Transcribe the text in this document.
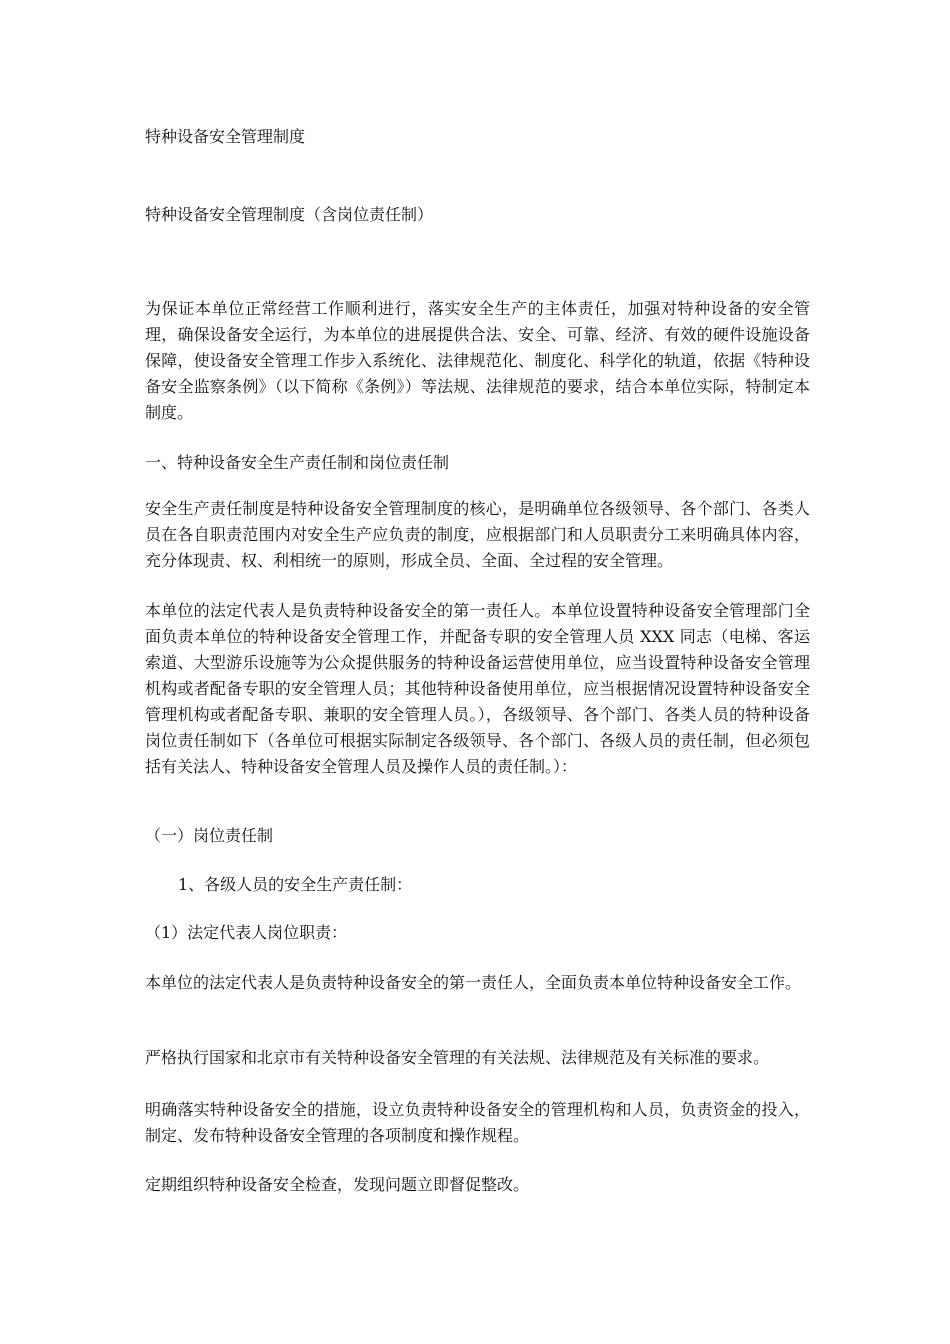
特种设备安全管理制度

特种设备安全管理制度（含岗位责任制）

为保证本单位正常经营工作顺利进行，落实安全生产的主体责任，加强对特种设备的安全管理，确保设备安全运行，为本单位的进展提供合法、安全、可靠、经济、有效的硬件设施设备保障，使设备安全管理工作步入系统化、法律规范化、制度化、科学化的轨道，依据《特种设备安全监察条例》（以下简称《条例》）等法规、法律规范的要求，结合本单位实际，特制定本制度。

一、特种设备安全生产责任制和岗位责任制

安全生产责任制度是特种设备安全管理制度的核心，是明确单位各级领导、各个部门、各类人员在各自职责范围内对安全生产应负责的制度，应根据部门和人员职责分工来明确具体内容，充分体现责、权、利相统一的原则，形成全员、全面、全过程的安全管理。

本单位的法定代表人是负责特种设备安全的第一责任人。本单位设置特种设备安全管理部门全面负责本单位的特种设备安全管理工作，并配备专职的安全管理人员 XXX 同志（电梯、客运索道、大型游乐设施等为公众提供服务的特种设备运营使用单位，应当设置特种设备安全管理机构或者配备专职的安全管理人员；其他特种设备使用单位，应当根据情况设置特种设备安全管理机构或者配备专职、兼职的安全管理人员。），各级领导、各个部门、各类人员的特种设备岗位责任制如下（各单位可根据实际制定各级领导、各个部门、各级人员的责任制，但必须包括有关法人、特种设备安全管理人员及操作人员的责任制。）：

（一）岗位责任制

1、各级人员的安全生产责任制：

（1）法定代表人岗位职责：

本单位的法定代表人是负责特种设备安全的第一责任人，全面负责本单位特种设备安全工作。

严格执行国家和北京市有关特种设备安全管理的有关法规、法律规范及有关标准的要求。

明确落实特种设备安全的措施，设立负责特种设备安全的管理机构和人员，负责资金的投入，制定、发布特种设备安全管理的各项制度和操作规程。

定期组织特种设备安全检查，发现问题立即督促整改。
